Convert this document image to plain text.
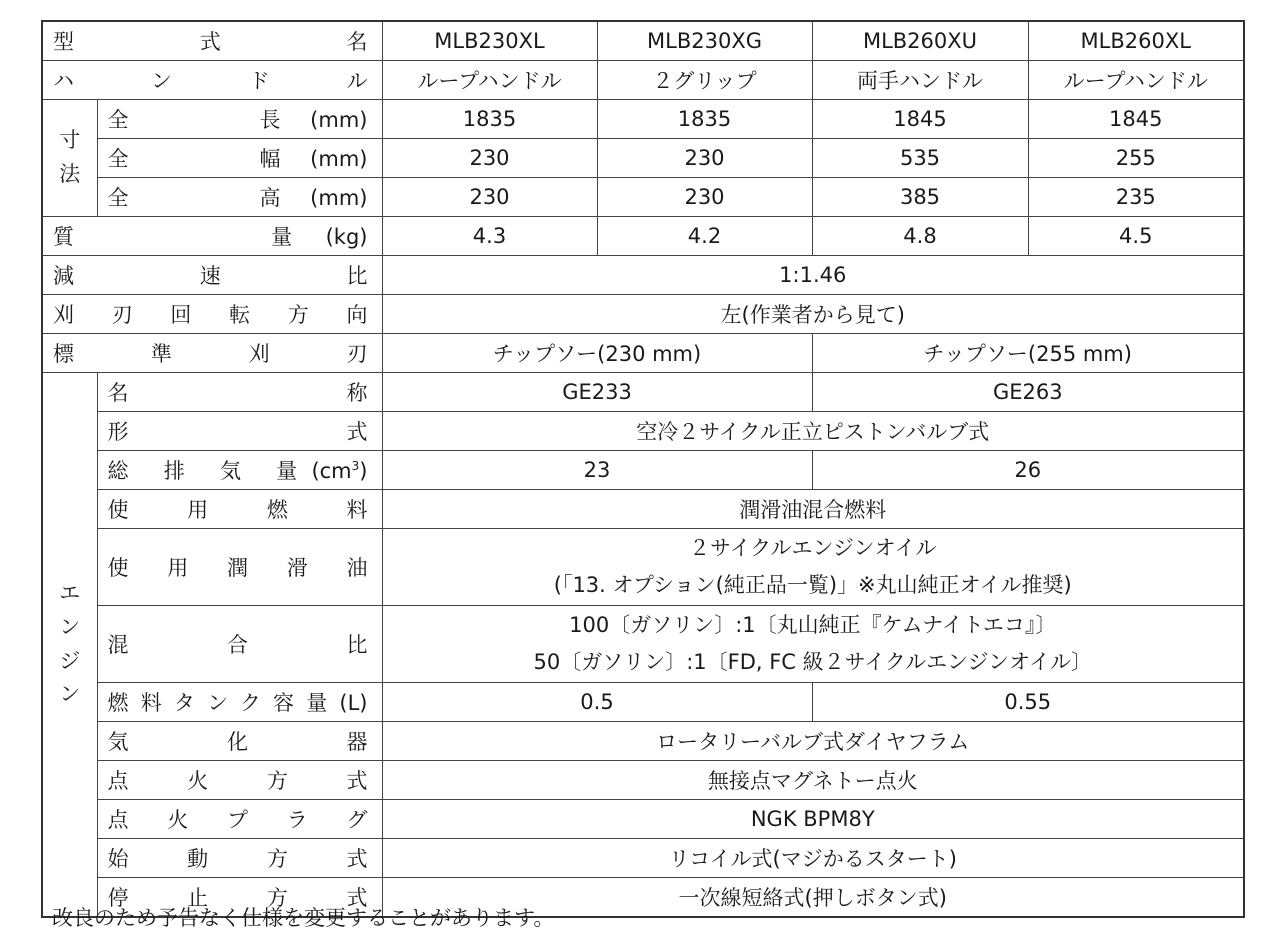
型　　式　　名		MLB230XL	MLB230XG	MLB260XU	MLB260XL
ハ　ン　ド　ル		ループハンドル	２グリップ	両手ハンドル	ループハンドル
寸法	全　　長(mm)	1835	1835	1845	1845
	全　　幅(mm)	230	230	535	255
	全　　高(mm)	230	230	385	235
質　　　量(kg)		4.3	4.2	4.8	4.5
減　　速　　比		1:1.46			
刈刃回転方向		左(作業者から見て)			
標　準　刈　刃		チップソー(230 mm)		チップソー(255 mm)	
エンジン	名　　　称	GE233		GE263	
	形　　　式	空冷２サイクル正立ピストンバルブ式			
	総 排 気 量$(cm^3)$	23		26	
	使 用 燃 料	潤滑油混合燃料			
	使 用 潤 滑 油	２サイクルエンジンオイル
(「13. オプション(純正品一覧)」※丸山純正オイル推奨)			

	混　　合　　比	100〔ガソリン〕:1〔丸山純正『ケムナイトエコ』〕
50〔ガソリン〕:1〔FD, FC 級２サイクルエンジンオイル〕			

	燃料タンク容量(L)	0.5		0.55	
	気　　化　　器	ロータリーバルブ式ダイヤフラム			
	点 火 方 式	無接点マグネトー点火			
	点火プラグ	NGK BPM8Y			
	始 動 方 式	リコイル式(マジかるスタート)			
	停 止 方 式	一次線短絡式(押しボタン式)			
改良のため予告なく仕様を変更することがあります。
